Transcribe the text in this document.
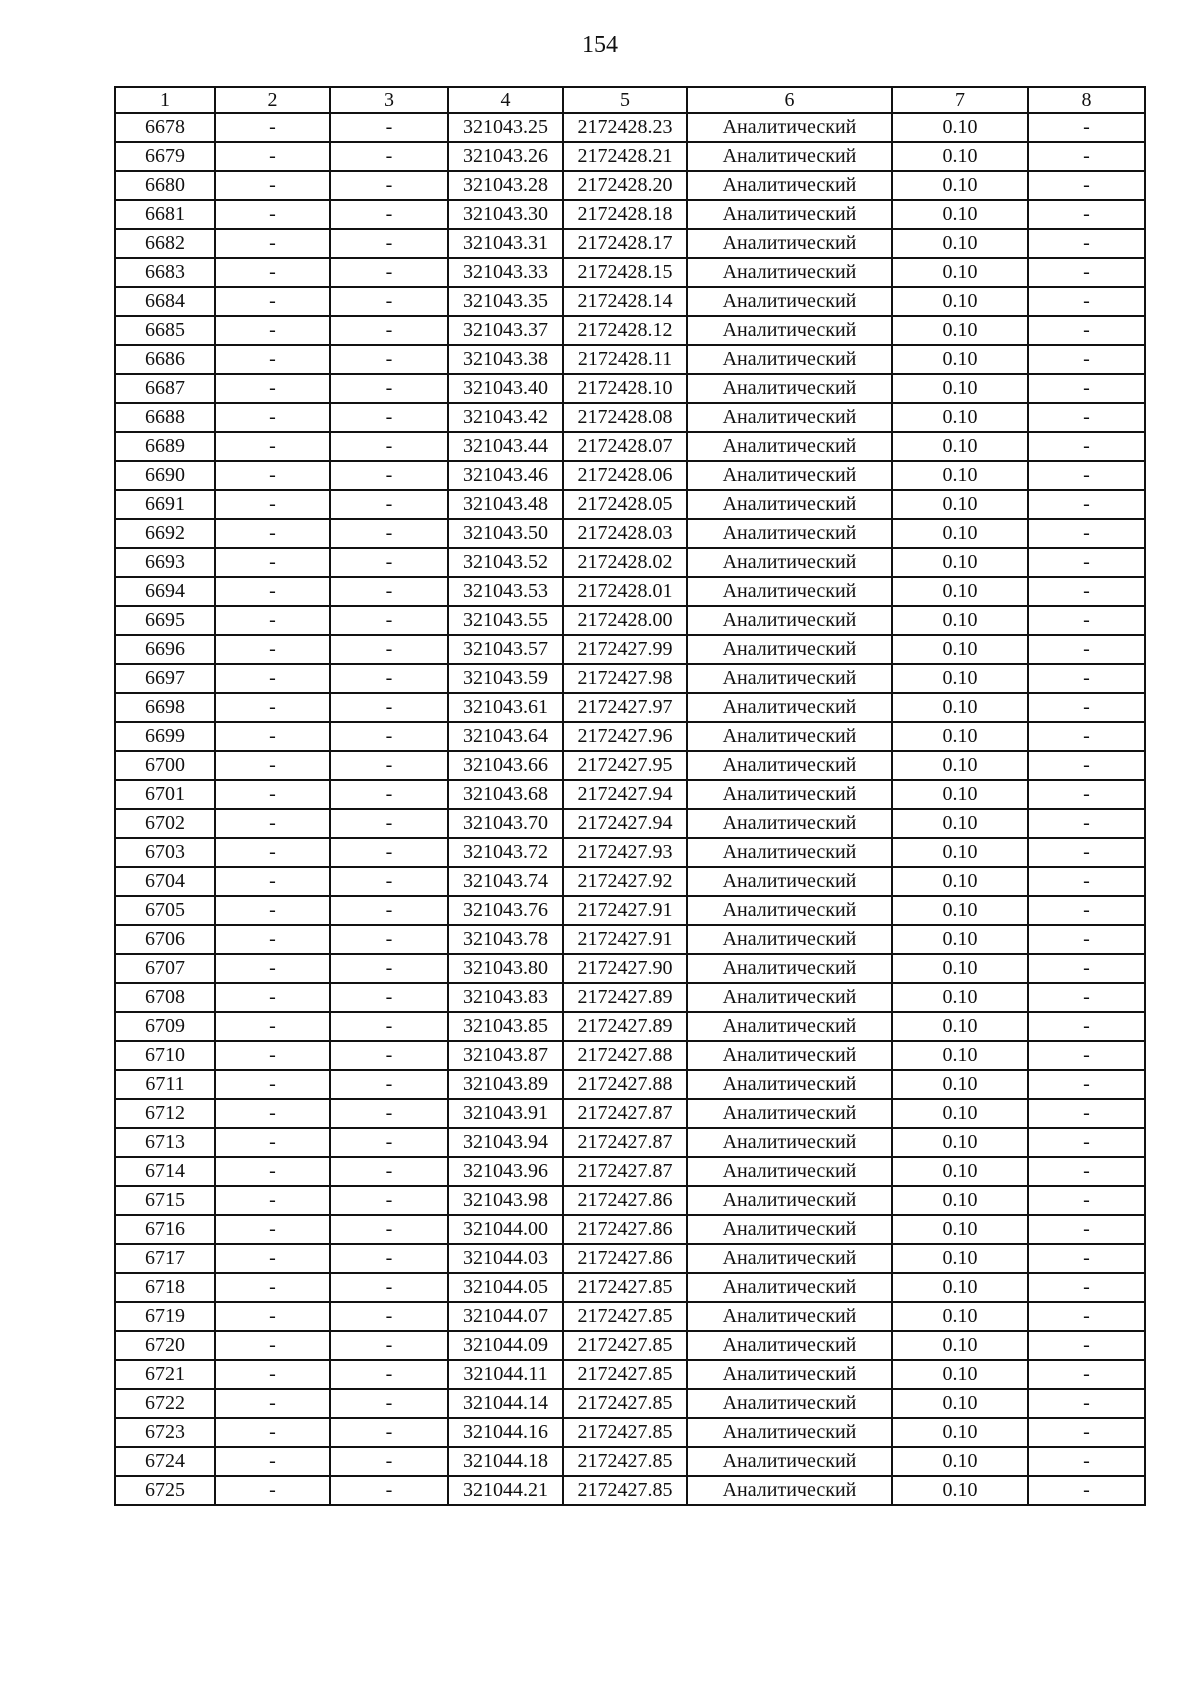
154
1	2	3	4	5	6	7	8
6678	-	-	321043.25	2172428.23	Аналитический	0.10	-
6679	-	-	321043.26	2172428.21	Аналитический	0.10	-
6680	-	-	321043.28	2172428.20	Аналитический	0.10	-
6681	-	-	321043.30	2172428.18	Аналитический	0.10	-
6682	-	-	321043.31	2172428.17	Аналитический	0.10	-
6683	-	-	321043.33	2172428.15	Аналитический	0.10	-
6684	-	-	321043.35	2172428.14	Аналитический	0.10	-
6685	-	-	321043.37	2172428.12	Аналитический	0.10	-
6686	-	-	321043.38	2172428.11	Аналитический	0.10	-
6687	-	-	321043.40	2172428.10	Аналитический	0.10	-
6688	-	-	321043.42	2172428.08	Аналитический	0.10	-
6689	-	-	321043.44	2172428.07	Аналитический	0.10	-
6690	-	-	321043.46	2172428.06	Аналитический	0.10	-
6691	-	-	321043.48	2172428.05	Аналитический	0.10	-
6692	-	-	321043.50	2172428.03	Аналитический	0.10	-
6693	-	-	321043.52	2172428.02	Аналитический	0.10	-
6694	-	-	321043.53	2172428.01	Аналитический	0.10	-
6695	-	-	321043.55	2172428.00	Аналитический	0.10	-
6696	-	-	321043.57	2172427.99	Аналитический	0.10	-
6697	-	-	321043.59	2172427.98	Аналитический	0.10	-
6698	-	-	321043.61	2172427.97	Аналитический	0.10	-
6699	-	-	321043.64	2172427.96	Аналитический	0.10	-
6700	-	-	321043.66	2172427.95	Аналитический	0.10	-
6701	-	-	321043.68	2172427.94	Аналитический	0.10	-
6702	-	-	321043.70	2172427.94	Аналитический	0.10	-
6703	-	-	321043.72	2172427.93	Аналитический	0.10	-
6704	-	-	321043.74	2172427.92	Аналитический	0.10	-
6705	-	-	321043.76	2172427.91	Аналитический	0.10	-
6706	-	-	321043.78	2172427.91	Аналитический	0.10	-
6707	-	-	321043.80	2172427.90	Аналитический	0.10	-
6708	-	-	321043.83	2172427.89	Аналитический	0.10	-
6709	-	-	321043.85	2172427.89	Аналитический	0.10	-
6710	-	-	321043.87	2172427.88	Аналитический	0.10	-
6711	-	-	321043.89	2172427.88	Аналитический	0.10	-
6712	-	-	321043.91	2172427.87	Аналитический	0.10	-
6713	-	-	321043.94	2172427.87	Аналитический	0.10	-
6714	-	-	321043.96	2172427.87	Аналитический	0.10	-
6715	-	-	321043.98	2172427.86	Аналитический	0.10	-
6716	-	-	321044.00	2172427.86	Аналитический	0.10	-
6717	-	-	321044.03	2172427.86	Аналитический	0.10	-
6718	-	-	321044.05	2172427.85	Аналитический	0.10	-
6719	-	-	321044.07	2172427.85	Аналитический	0.10	-
6720	-	-	321044.09	2172427.85	Аналитический	0.10	-
6721	-	-	321044.11	2172427.85	Аналитический	0.10	-
6722	-	-	321044.14	2172427.85	Аналитический	0.10	-
6723	-	-	321044.16	2172427.85	Аналитический	0.10	-
6724	-	-	321044.18	2172427.85	Аналитический	0.10	-
6725	-	-	321044.21	2172427.85	Аналитический	0.10	-
